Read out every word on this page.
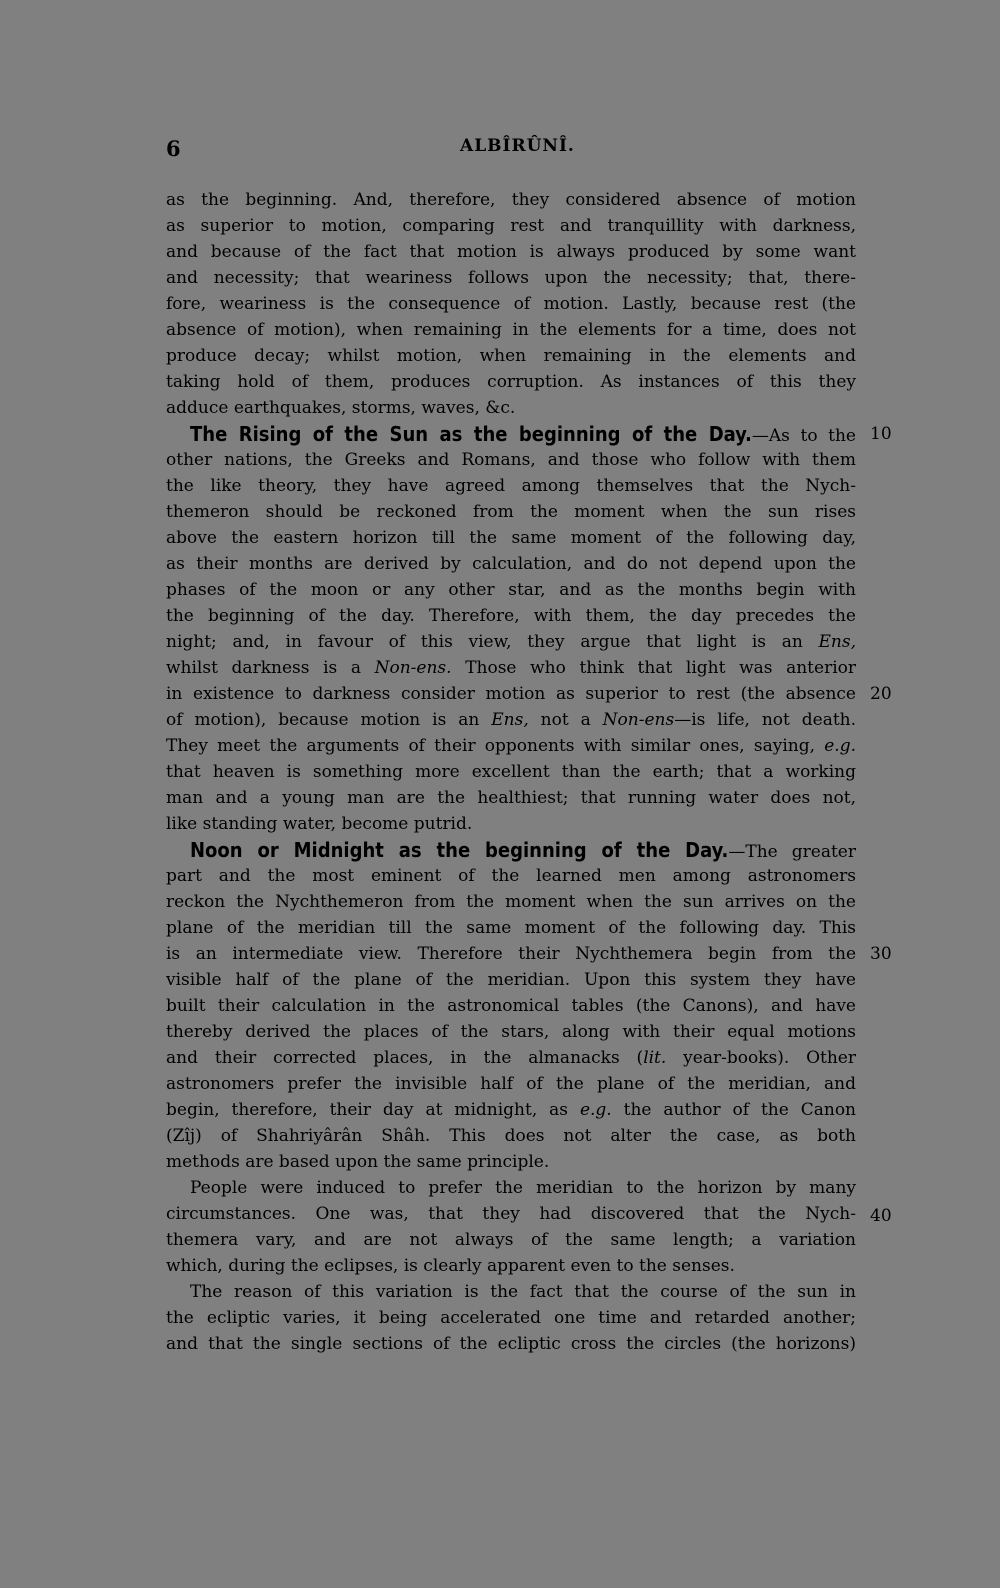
6	ALBÎRÛNÎ.
as the beginning. And, therefore, they considered absence of motion
as superior to motion, comparing rest and tranquillity with darkness,
and because of the fact that motion is always produced by some want
and necessity; that weariness follows upon the necessity; that, there-
fore, weariness is the consequence of motion. Lastly, because rest (the
absence of motion), when remaining in the elements for a time, does not
produce decay; whilst motion, when remaining in the elements and
taking hold of them, produces corruption. As instances of this they
adduce earthquakes, storms, waves, &c.
The Rising of the Sun as the beginning of the Day.—As to the 10
other nations, the Greeks and Romans, and those who follow with them
the like theory, they have agreed among themselves that the Nych-
themeron should be reckoned from the moment when the sun rises
above the eastern horizon till the same moment of the following day,
as their months are derived by calculation, and do not depend upon the
phases of the moon or any other star, and as the months begin with
the beginning of the day. Therefore, with them, the day precedes the
night; and, in favour of this view, they argue that light is an Ens,
whilst darkness is a Non-ens. Those who think that light was anterior
in existence to darkness consider motion as superior to rest (the absence 20
of motion), because motion is an Ens, not a Non-ens—is life, not death.
They meet the arguments of their opponents with similar ones, saying, e.g.
that heaven is something more excellent than the earth; that a working
man and a young man are the healthiest; that running water does not,
like standing water, become putrid.
Noon or Midnight as the beginning of the Day.—The greater
part and the most eminent of the learned men among astronomers
reckon the Nychthemeron from the moment when the sun arrives on the
plane of the meridian till the same moment of the following day. This
is an intermediate view. Therefore their Nychthemera begin from the 30
visible half of the plane of the meridian. Upon this system they have
built their calculation in the astronomical tables (the Canons), and have
thereby derived the places of the stars, along with their equal motions
and their corrected places, in the almanacks (lit. year-books). Other
astronomers prefer the invisible half of the plane of the meridian, and
begin, therefore, their day at midnight, as e.g. the author of the Canon
(Zîj) of Shahriyârân Shâh. This does not alter the case, as both
methods are based upon the same principle.
People were induced to prefer the meridian to the horizon by many
circumstances. One was, that they had discovered that the Nych- 40
themera vary, and are not always of the same length; a variation
which, during the eclipses, is clearly apparent even to the senses.
The reason of this variation is the fact that the course of the sun in
the ecliptic varies, it being accelerated one time and retarded another;
and that the single sections of the ecliptic cross the circles (the horizons)
